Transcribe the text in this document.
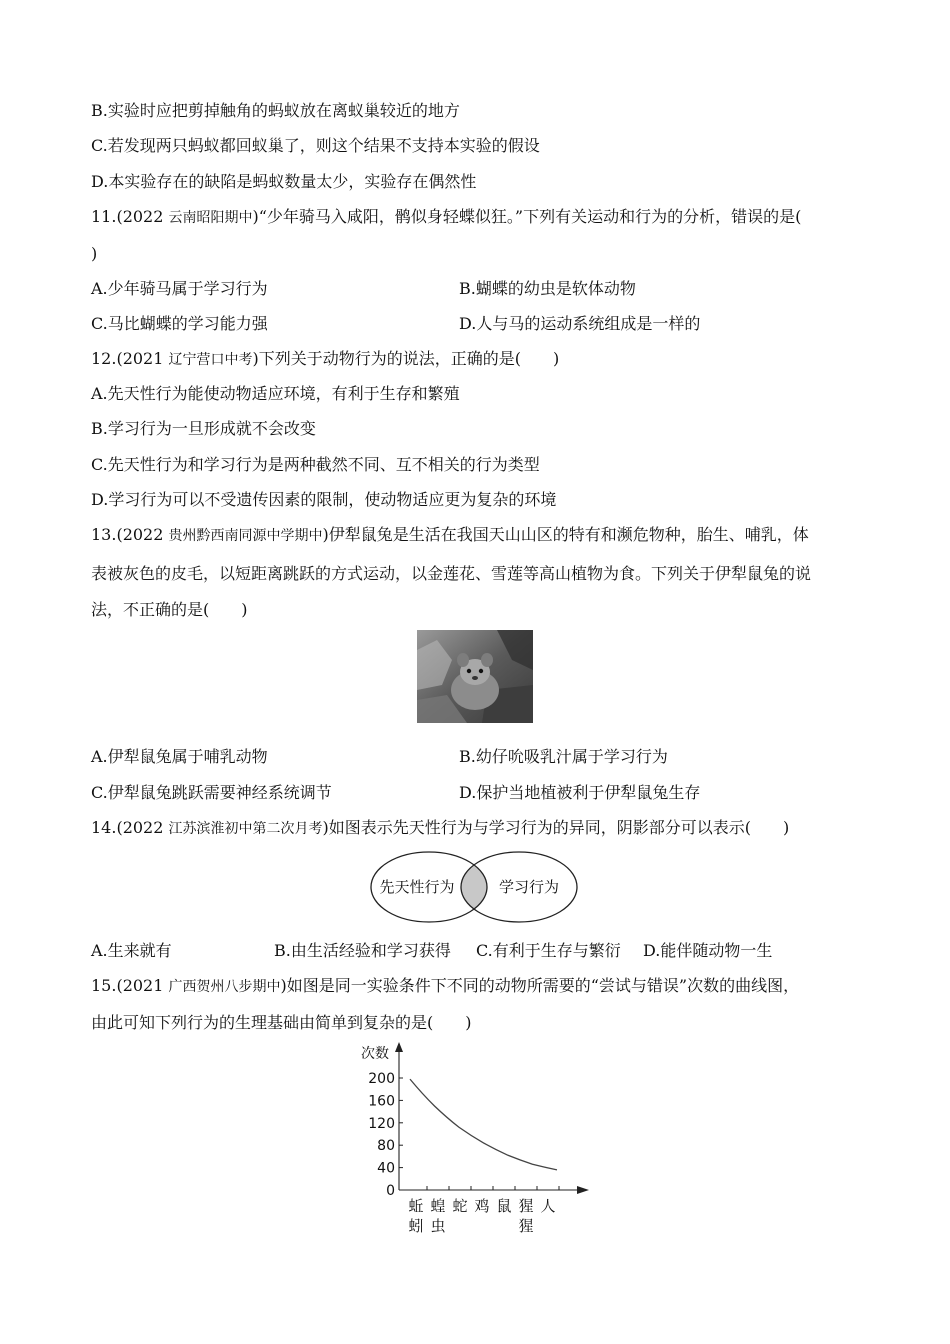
B.实验时应把剪掉触角的蚂蚁放在离蚁巢较近的地方
C.若发现两只蚂蚁都回蚁巢了，则这个结果不支持本实验的假设
D.本实验存在的缺陷是蚂蚁数量太少，实验存在偶然性
11.(2022 云南昭阳期中)“少年骑马入咸阳，鹘似身轻蝶似狂。”下列有关运动和行为的分析，错误的是(
)
A.少年骑马属于学习行为	B.蝴蝶的幼虫是软体动物
C.马比蝴蝶的学习能力强	D.人与马的运动系统组成是一样的
12.(2021 辽宁营口中考)下列关于动物行为的说法，正确的是(　　)
A.先天性行为能使动物适应环境，有利于生存和繁殖
B.学习行为一旦形成就不会改变
C.先天性行为和学习行为是两种截然不同、互不相关的行为类型
D.学习行为可以不受遗传因素的限制，使动物适应更为复杂的环境
13.(2022 贵州黔西南同源中学期中)伊犁鼠兔是生活在我国天山山区的特有和濒危物种，胎生、哺乳，体
表被灰色的皮毛，以短距离跳跃的方式运动，以金莲花、雪莲等高山植物为食。下列关于伊犁鼠兔的说
法，不正确的是(　　)
A.伊犁鼠兔属于哺乳动物	B.幼仔吮吸乳汁属于学习行为
C.伊犁鼠兔跳跃需要神经系统调节	D.保护当地植被利于伊犁鼠兔生存
14.(2022 江苏滨淮初中第二次月考)如图表示先天性行为与学习行为的异同，阴影部分可以表示(　　)
先天性行为	学习行为
A.生来就有	B.由生活经验和学习获得 C.有利于生存与繁衍 D.能伴随动物一生
15.(2021 广西贺州八步期中)如图是同一实验条件下不同的动物所需要的“尝试与错误”次数的曲线图，
由此可知下列行为的生理基础由简单到复杂的是(　　)
次数
0
40
80
120
160
200
蚯
蚓
蝗
虫
蛇 鸡 鼠 猩
猩
人
